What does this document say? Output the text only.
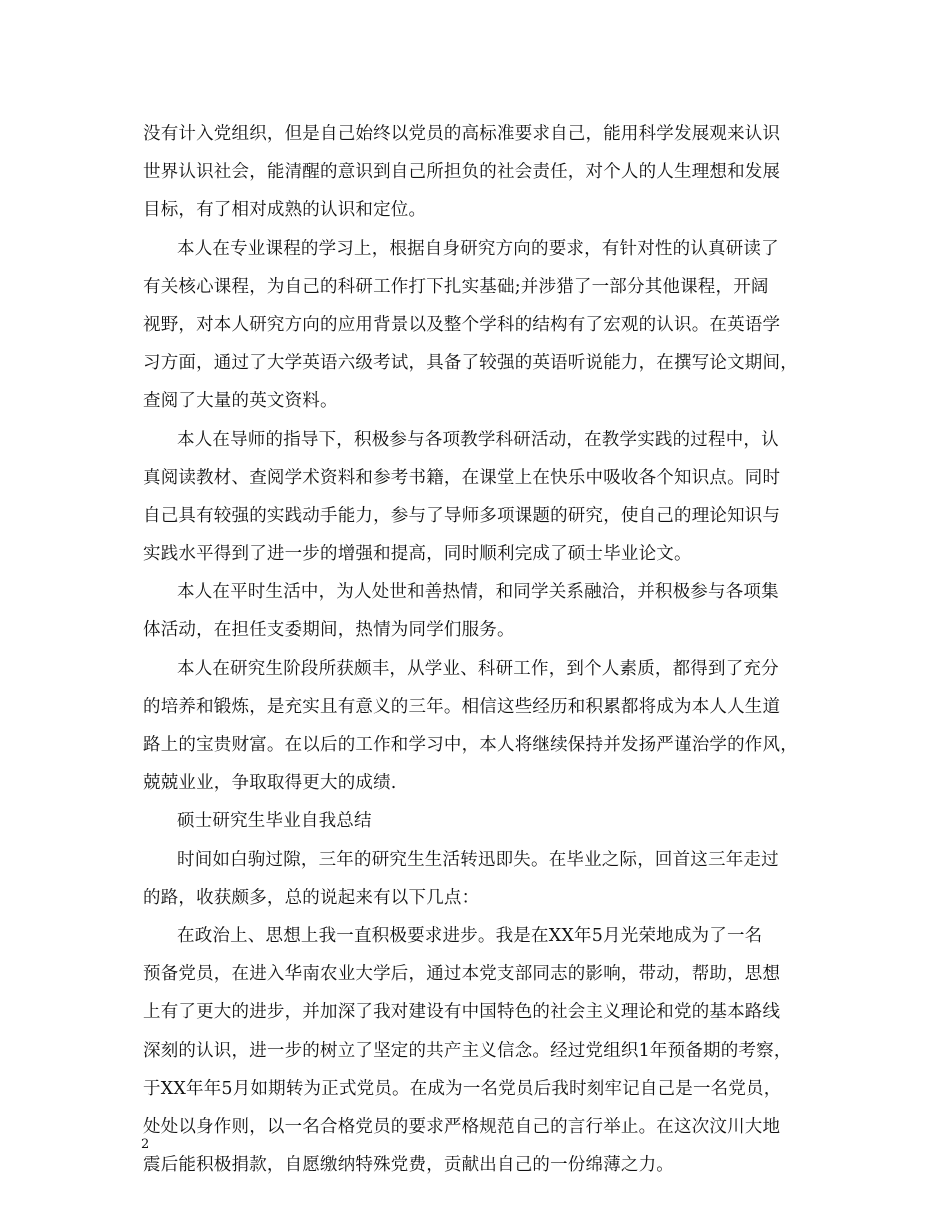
没有计入党组织，但是自己始终以党员的高标准要求自己，能用科学发展观来认识
世界认识社会，能清醒的意识到自己所担负的社会责任，对个人的人生理想和发展
目标，有了相对成熟的认识和定位。
本人在专业课程的学习上，根据自身研究方向的要求，有针对性的认真研读了
有关核心课程，为自己的科研工作打下扎实基础;并涉猎了一部分其他课程，开阔
视野，对本人研究方向的应用背景以及整个学科的结构有了宏观的认识。在英语学
习方面，通过了大学英语六级考试，具备了较强的英语听说能力，在撰写论文期间，
查阅了大量的英文资料。
本人在导师的指导下，积极参与各项教学科研活动，在教学实践的过程中，认
真阅读教材、查阅学术资料和参考书籍，在课堂上在快乐中吸收各个知识点。同时
自己具有较强的实践动手能力，参与了导师多项课题的研究，使自己的理论知识与
实践水平得到了进一步的增强和提高，同时顺利完成了硕士毕业论文。
本人在平时生活中，为人处世和善热情，和同学关系融洽，并积极参与各项集
体活动，在担任支委期间，热情为同学们服务。
本人在研究生阶段所获颇丰，从学业、科研工作，到个人素质，都得到了充分
的培养和锻炼，是充实且有意义的三年。相信这些经历和积累都将成为本人人生道
路上的宝贵财富。在以后的工作和学习中，本人将继续保持并发扬严谨治学的作风，
兢兢业业，争取取得更大的成绩.
硕士研究生毕业自我总结
时间如白驹过隙，三年的研究生生活转迅即失。在毕业之际，回首这三年走过
的路，收获颇多，总的说起来有以下几点：
在政治上、思想上我一直积极要求进步。我是在XX年5月光荣地成为了一名
预备党员，在进入华南农业大学后，通过本党支部同志的影响，带动，帮助，思想
上有了更大的进步，并加深了我对建设有中国特色的社会主义理论和党的基本路线
深刻的认识，进一步的树立了坚定的共产主义信念。经过党组织1年预备期的考察，
于XX年年5月如期转为正式党员。在成为一名党员后我时刻牢记自己是一名党员，
处处以身作则，以一名合格党员的要求严格规范自己的言行举止。在这次汶川大地
震后能积极捐款，自愿缴纳特殊党费，贡献出自己的一份绵薄之力。
2
